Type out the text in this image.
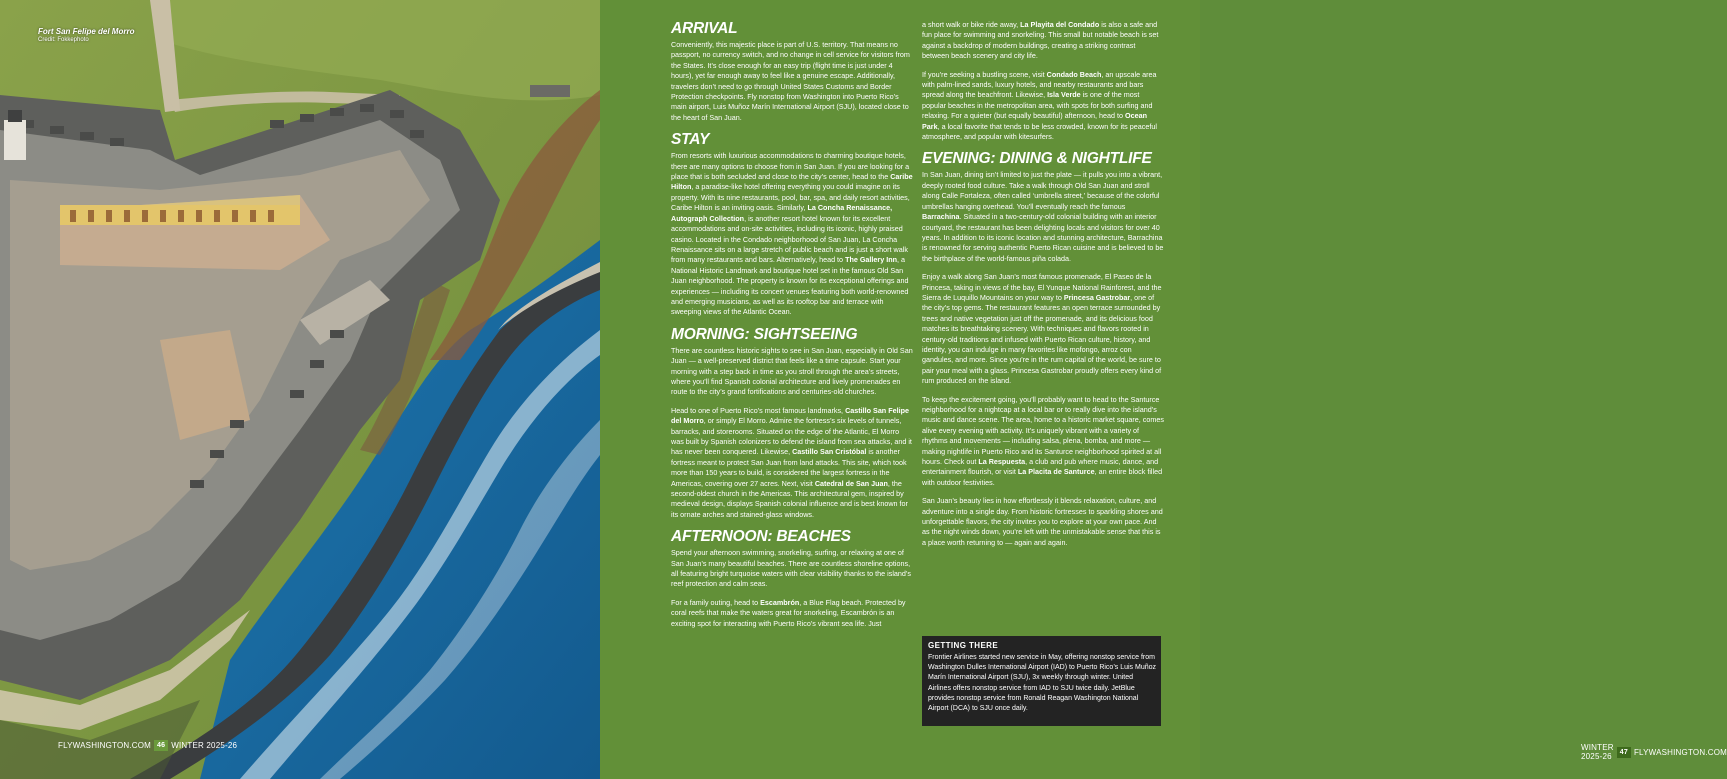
Fort San Felipe del Morro
Credit: Fokkephoto
FLYWASHINGTON.COM 46 WINTER 2025-26
ARRIVAL

Conveniently, this majestic place is part of U.S. territory. That means no passport, no currency switch, and no change in cell service for visitors from the States. It’s close enough for an easy trip (flight time is just under 4 hours), yet far enough away to feel like a genuine escape. Additionally, travelers don’t need to go through United States Customs and Border Protection checkpoints. Fly nonstop from Washington into Puerto Rico’s main airport, Luis Muñoz Marín International Airport (SJU), located close to the heart of San Juan.

STAY

From resorts with luxurious accommodations to charming boutique hotels, there are many options to choose from in San Juan. If you are looking for a place that is both secluded and close to the city’s center, head to the Caribe Hilton, a paradise-like hotel offering everything you could imagine on its property. With its nine restaurants, pool, bar, spa, and daily resort activities, Caribe Hilton is an inviting oasis. Similarly, La Concha Renaissance, Autograph Collection, is another resort hotel known for its excellent accommodations and on-site activities, including its iconic, highly praised casino. Located in the Condado neighborhood of San Juan, La Concha Renaissance sits on a large stretch of public beach and is just a short walk from many restaurants and bars. Alternatively, head to The Gallery Inn, a National Historic Landmark and boutique hotel set in the famous Old San Juan neighborhood. The property is known for its exceptional offerings and experiences — including its concert venues featuring both world-renowned and emerging musicians, as well as its rooftop bar and terrace with sweeping views of the Atlantic Ocean.

MORNING: SIGHTSEEING

There are countless historic sights to see in San Juan, especially in Old San Juan — a well-preserved district that feels like a time capsule. Start your morning with a step back in time as you stroll through the area’s streets, where you’ll find Spanish colonial architecture and lively promenades en route to the city’s grand fortifications and centuries-old churches.

Head to one of Puerto Rico’s most famous landmarks, Castillo San Felipe del Morro, or simply El Morro. Admire the fortress’s six levels of tunnels, barracks, and storerooms. Situated on the edge of the Atlantic, El Morro was built by Spanish colonizers to defend the island from sea attacks, and it has never been conquered. Likewise, Castillo San Cristóbal is another fortress meant to protect San Juan from land attacks. This site, which took more than 150 years to build, is considered the largest fortress in the Americas, covering over 27 acres. Next, visit Catedral de San Juan, the second-oldest church in the Americas. This architectural gem, inspired by medieval design, displays Spanish colonial influence and is best known for its ornate arches and stained-glass windows.

AFTERNOON: BEACHES

Spend your afternoon swimming, snorkeling, surfing, or relaxing at one of San Juan’s many beautiful beaches. There are countless shoreline options, all featuring bright turquoise waters with clear visibility thanks to the island’s reef protection and calm seas.

For a family outing, head to Escambrón, a Blue Flag beach. Protected by coral reefs that make the waters great for snorkeling, Escambrón is an exciting spot for interacting with Puerto Rico’s vibrant sea life. Just

a short walk or bike ride away, La Playita del Condado is also a safe and fun place for swimming and snorkeling. This small but notable beach is set against a backdrop of modern buildings, creating a striking contrast between beach scenery and city life.

If you’re seeking a bustling scene, visit Condado Beach, an upscale area with palm-lined sands, luxury hotels, and nearby restaurants and bars spread along the beachfront. Likewise, Isla Verde is one of the most popular beaches in the metropolitan area, with spots for both surfing and relaxing. For a quieter (but equally beautiful) afternoon, head to Ocean Park, a local favorite that tends to be less crowded, known for its peaceful atmosphere, and popular with kitesurfers.

EVENING: DINING & NIGHTLIFE

In San Juan, dining isn’t limited to just the plate — it pulls you into a vibrant, deeply rooted food culture. Take a walk through Old San Juan and stroll along Calle Fortaleza, often called ‘umbrella street,’ because of the colorful umbrellas hanging overhead. You’ll eventually reach the famous Barrachina. Situated in a two-century-old colonial building with an interior courtyard, the restaurant has been delighting locals and visitors for over 40 years. In addition to its iconic location and stunning architecture, Barrachina is renowned for serving authentic Puerto Rican cuisine and is believed to be the birthplace of the world-famous piña colada.

Enjoy a walk along San Juan’s most famous promenade, El Paseo de la Princesa, taking in views of the bay, El Yunque National Rainforest, and the Sierra de Luquillo Mountains on your way to Princesa Gastrobar, one of the city’s top gems. The restaurant features an open terrace surrounded by trees and native vegetation just off the promenade, and its delicious food matches its breathtaking scenery. With techniques and flavors rooted in century-old traditions and infused with Puerto Rican culture, history, and identity, you can indulge in many favorites like mofongo, arroz con gandules, and more. Since you’re in the rum capital of the world, be sure to pair your meal with a glass. Princesa Gastrobar proudly offers every kind of rum produced on the island.

To keep the excitement going, you’ll probably want to head to the Santurce neighborhood for a nightcap at a local bar or to really dive into the island’s music and dance scene. The area, home to a historic market square, comes alive every evening with activity. It’s uniquely vibrant with a variety of rhythms and movements — including salsa, plena, bomba, and more — making nightlife in Puerto Rico and its Santurce neighborhood spirited at all hours. Check out La Respuesta, a club and pub where music, dance, and entertainment flourish, or visit La Placita de Santurce, an entire block filled with outdoor festivities.

San Juan’s beauty lies in how effortlessly it blends relaxation, culture, and adventure into a single day. From historic fortresses to sparkling shores and unforgettable flavors, the city invites you to explore at your own pace. And as the night winds down, you’re left with the unmistakable sense that this is a place worth returning to — again and again.

WINTER 2025-26	47 FLYWASHINGTON.COM
GETTING THERE

Frontier Airlines started new service in May, offering nonstop service from Washington Dulles International Airport (IAD) to Puerto Rico’s Luis Muñoz Marín International Airport (SJU), 3x weekly through winter. United Airlines offers nonstop service from IAD to SJU twice daily. JetBlue provides nonstop service from Ronald Reagan Washington National Airport (DCA) to SJU once daily.
